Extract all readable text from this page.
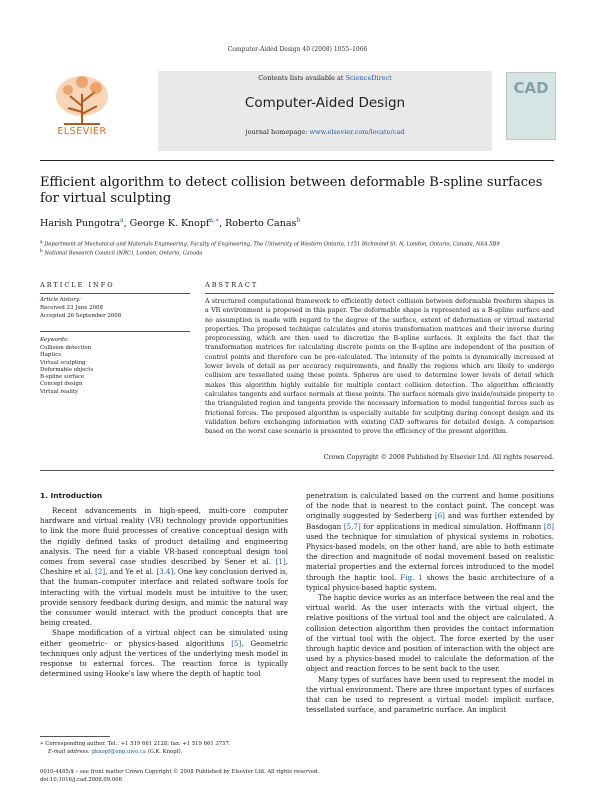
Computer-Aided Design 40 (2008) 1055–1066
ELSEVIER
Contents lists available at ScienceDirect
Computer-Aided Design
journal homepage: www.elsevier.com/locate/cad
CAD
Efficient algorithm to detect collision between deformable B-spline surfaces for virtual sculpting
Harish Pungotra$^a$, George K. Knopf$^{a,∗}$, Roberto Canas$^b$
$^a$ Department of Mechanical and Materials Engineering, Faculty of Engineering, The University of Western Ontario, 1151 Richmond St. N, London, Ontario, Canada, N6A 5B9
$^b$ National Research Council (NRC), London, Ontario, Canada
ARTICLE INFO
Article history:
Received 23 June 2008
Accepted 26 September 2008
Keywords:
Collision detection
Haptics
Virtual sculpting
Deformable objects
B-spline surface
Concept design
Virtual reality
ABSTRACT
A structured computational framework to efficiently detect collision between deformable freeform shapes in a VR environment is proposed in this paper. The deformable shape is represented as a B-spline surface and no assumption is made with regard to the degree of the surface, extent of deformation or virtual material properties. The proposed technique calculates and stores transformation matrices and their inverse during preprocessing, which are then used to discretize the B-spline surfaces. It exploits the fact that the transformation matrices for calculating discrete points on the B-spline are independent of the position of control points and therefore can be pre-calculated. The intensity of the points is dynamically increased at lower levels of detail as per accuracy requirements, and finally the regions which are likely to undergo collision are tessellated using these points. Spheres are used to determine lower levels of detail which makes this algorithm highly suitable for multiple contact collision detection. The algorithm efficiently calculates tangents and surface normals at these points. The surface normals give inside/outside property to the triangulated region and tangents provide the necessary information to model tangential forces such as frictional forces. The proposed algorithm is especially suitable for sculpting during concept design and its validation before exchanging information with existing CAD softwares for detailed design. A comparison based on the worst case scenario is presented to prove the efficiency of the present algorithm.
Crown Copyright © 2008 Published by Elsevier Ltd. All rights reserved.
1. Introduction

Recent advancements in high-speed, multi-core computer hardware and virtual reality (VR) technology provide opportunities to link the more fluid processes of creative conceptual design with the rigidly defined tasks of product detailing and engineering analysis. The need for a viable VR-based conceptual design tool comes from several case studies described by Sener et al. [1], Cheshire et al. [2], and Ye et al. [3,4]. One key conclusion derived is, that the human–computer interface and related software tools for interacting with the virtual models must be intuitive to the user, provide sensory feedback during design, and mimic the natural way the consumer would interact with the product concepts that are being created.

Shape modification of a virtual object can be simulated using either geometric- or physics-based algorithms [5]. Geometric techniques only adjust the vertices of the underlying mesh model in response to external forces. The reaction force is typically determined using Hooke's law where the depth of haptic tool

penetration is calculated based on the current and home positions of the node that is nearest to the contact point. The concept was originally suggested by Sederberg [6] and was further extended by Basdogan [5,7] for applications in medical simulation. Hoffmann [8] used the technique for simulation of physical systems in robotics. Physics-based models, on the other hand, are able to both estimate the direction and magnitude of nodal movement based on realistic material properties and the external forces introduced to the model through the haptic tool. Fig. 1 shows the basic architecture of a typical physics-based haptic system.

The haptic device works as an interface between the real and the virtual world. As the user interacts with the virtual object, the relative positions of the virtual tool and the object are calculated. A collision detection algorithm then provides the contact information of the virtual tool with the object. The force exerted by the user through haptic device and position of interaction with the object are used by a physics-based model to calculate the deformation of the object and reaction forces to be sent back to the user.

Many types of surfaces have been used to represent the model in the virtual environment. There are three important types of surfaces that can be used to represent a virtual model: implicit surface, tessellated surface, and parametric surface. An implicit

∗ Corresponding author. Tel.: +1 519 661 2128; fax: +1 519 661 3757.
E-mail address: gknopf@eng.uwo.ca (G.K. Knopf).
0010-4485/$ – see front matter Crown Copyright © 2008 Published by Elsevier Ltd. All rights reserved.
doi:10.1016/j.cad.2008.09.006
